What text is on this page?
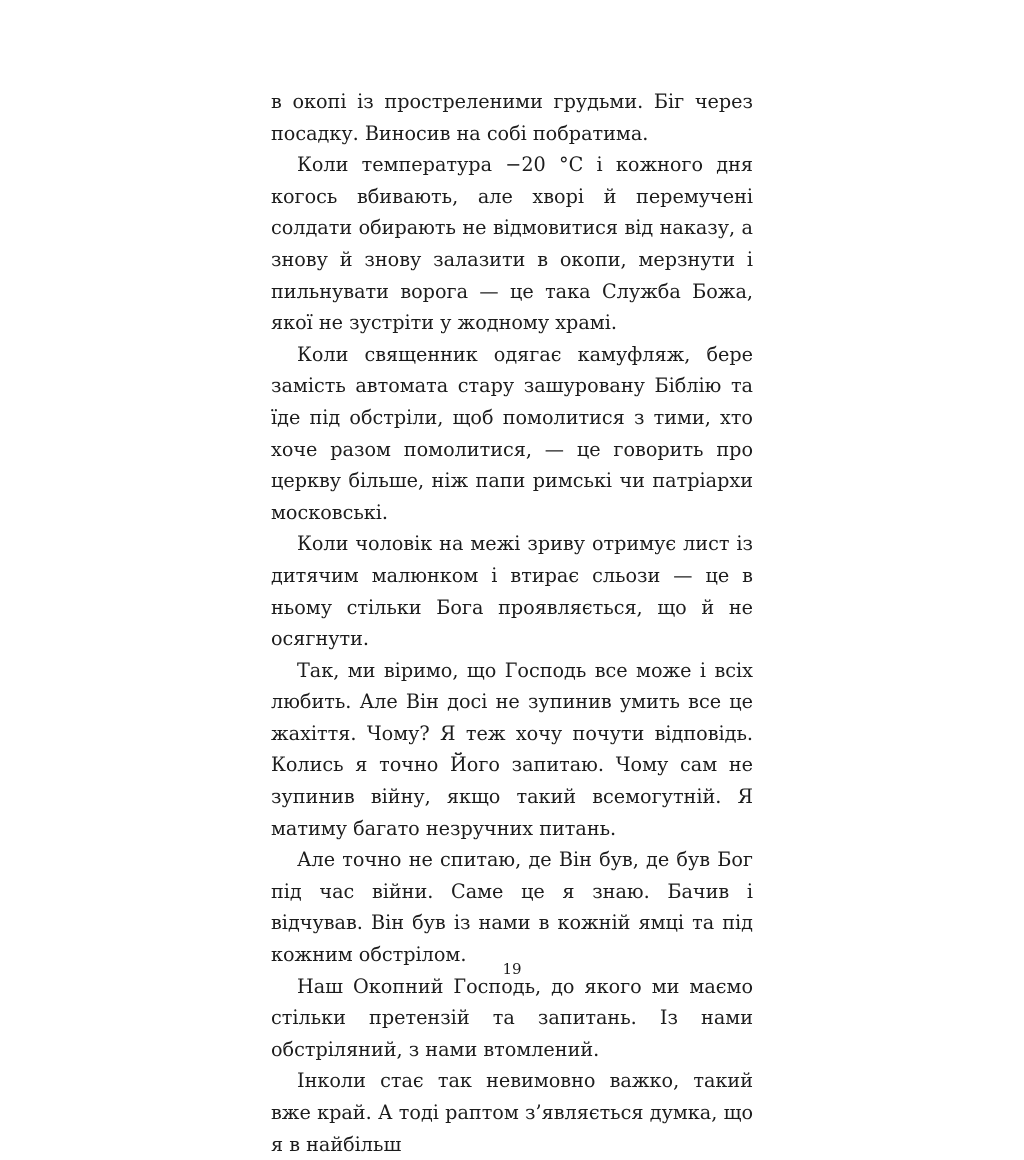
в окопі із простреленими грудьми. Біг через посадку. Виносив на собі побратима.

Коли температура −20 °C і кожного дня когось вбивають, але хворі й перемучені солдати обирають не відмовитися від наказу, а знову й знову залазити в окопи, мерзнути і пильнувати ворога — це така Служба Божа, якої не зустріти у жодному храмі.

Коли священник одягає камуфляж, бере замість автомата стару зашуровану Біблію та їде під обстріли, щоб помолитися з тими, хто хоче разом помолитися, — це говорить про церкву більше, ніж папи римські чи патріархи московські.

Коли чоловік на межі зриву отримує лист із дитячим малюнком і втирає сльози — це в ньому стільки Бога проявляється, що й не осягнути.

Так, ми віримо, що Господь все може і всіх любить. Але Він досі не зупинив умить все це жахіття. Чому? Я теж хочу почути відповідь. Колись я точно Його запитаю. Чому сам не зупинив війну, якщо такий всемогутній. Я матиму багато незручних питань.

Але точно не спитаю, де Він був, де був Бог під час війни. Саме це я знаю. Бачив і відчував. Він був із нами в кожній ямці та під кожним обстрілом.

Наш Окопний Господь, до якого ми маємо стільки претензій та запитань. Із нами обстріляний, з нами втомлений.

Інколи стає так невимовно важко, такий вже край. А тоді раптом з’являється думка, що я в найбільш

19
